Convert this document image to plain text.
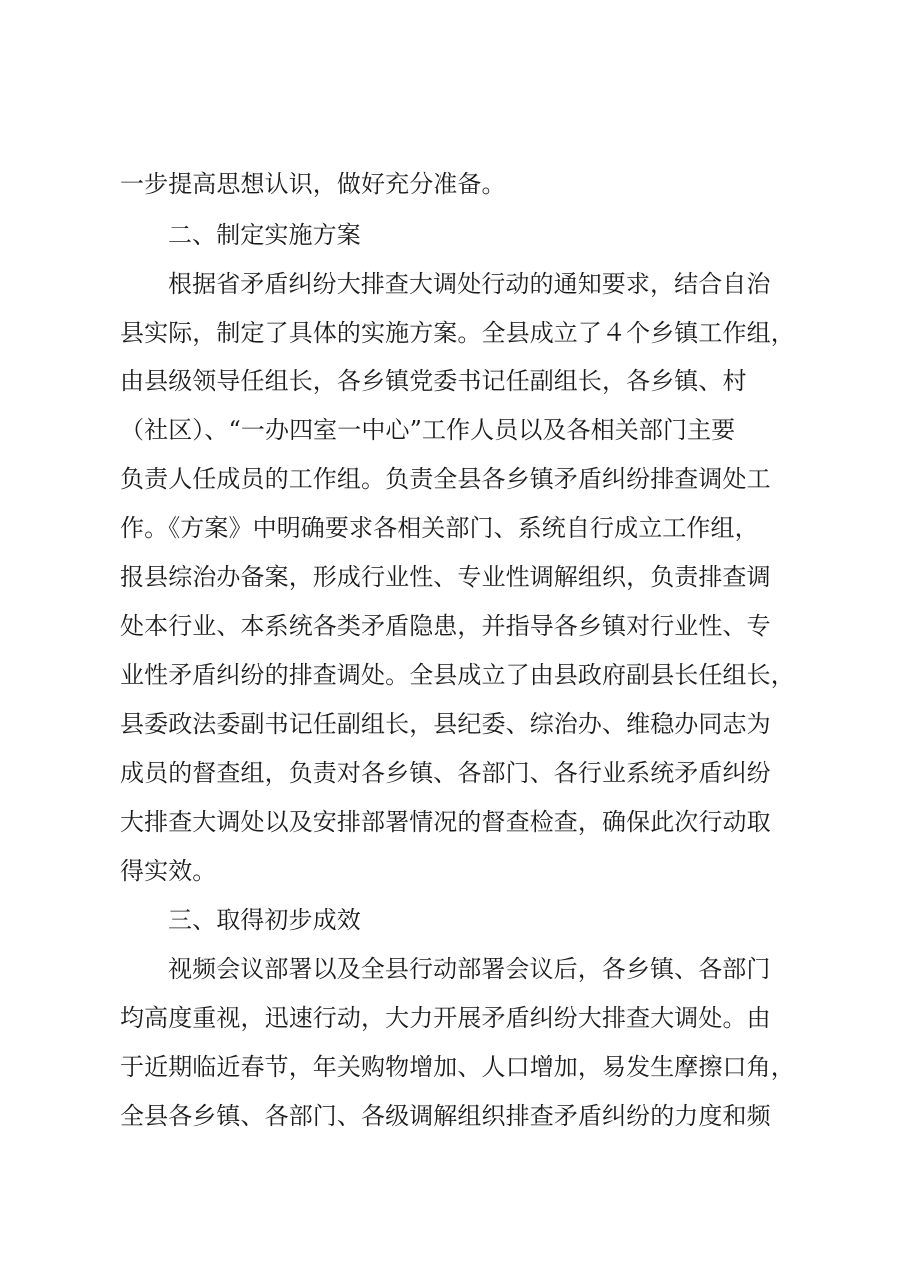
一步提高思想认识，做好充分准备。
二、制定实施方案
根据省矛盾纠纷大排查大调处行动的通知要求，结合自治
县实际，制定了具体的实施方案。全县成立了４个乡镇工作组，
由县级领导任组长，各乡镇党委书记任副组长，各乡镇、村
（社区）、“一办四室一中心”工作人员以及各相关部门主要
负责人任成员的工作组。负责全县各乡镇矛盾纠纷排查调处工
作。《方案》中明确要求各相关部门、系统自行成立工作组，
报县综治办备案，形成行业性、专业性调解组织，负责排查调
处本行业、本系统各类矛盾隐患，并指导各乡镇对行业性、专
业性矛盾纠纷的排查调处。全县成立了由县政府副县长任组长，
县委政法委副书记任副组长，县纪委、综治办、维稳办同志为
成员的督查组，负责对各乡镇、各部门、各行业系统矛盾纠纷
大排查大调处以及安排部署情况的督查检查，确保此次行动取
得实效。
三、取得初步成效
视频会议部署以及全县行动部署会议后，各乡镇、各部门
均高度重视，迅速行动，大力开展矛盾纠纷大排查大调处。由
于近期临近春节，年关购物增加、人口增加，易发生摩擦口角，
全县各乡镇、各部门、各级调解组织排查矛盾纠纷的力度和频
